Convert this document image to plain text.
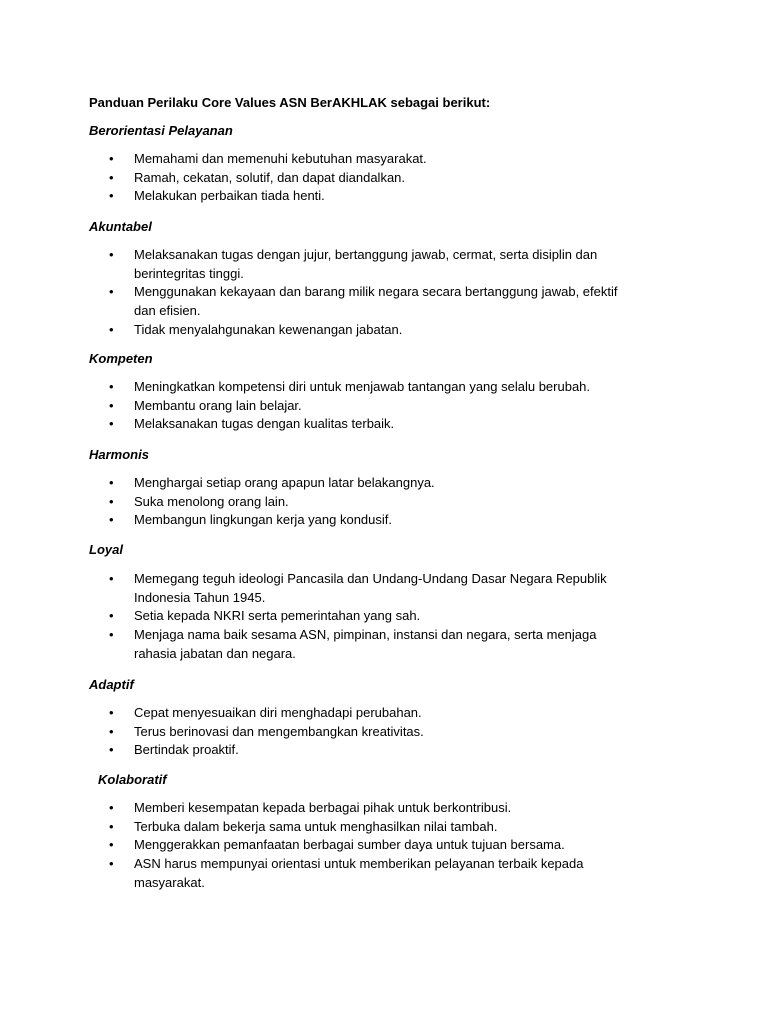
Panduan Perilaku Core Values ASN BerAKHLAK sebagai berikut:
Berorientasi Pelayanan
• Memahami dan memenuhi kebutuhan masyarakat.
• Ramah, cekatan, solutif, dan dapat diandalkan.
• Melakukan perbaikan tiada henti.
Akuntabel
• Melaksanakan tugas dengan jujur, bertanggung jawab, cermat, serta disiplin dan berintegritas tinggi.
• Menggunakan kekayaan dan barang milik negara secara bertanggung jawab, efektif dan efisien.
• Tidak menyalahgunakan kewenangan jabatan.
Kompeten
• Meningkatkan kompetensi diri untuk menjawab tantangan yang selalu berubah.
• Membantu orang lain belajar.
• Melaksanakan tugas dengan kualitas terbaik.
Harmonis
• Menghargai setiap orang apapun latar belakangnya.
• Suka menolong orang lain.
• Membangun lingkungan kerja yang kondusif.
Loyal
• Memegang teguh ideologi Pancasila dan Undang-Undang Dasar Negara Republik Indonesia Tahun 1945.
• Setia kepada NKRI serta pemerintahan yang sah.
• Menjaga nama baik sesama ASN, pimpinan, instansi dan negara, serta menjaga rahasia jabatan dan negara.
Adaptif
• Cepat menyesuaikan diri menghadapi perubahan.
• Terus berinovasi dan mengembangkan kreativitas.
• Bertindak proaktif.
Kolaboratif
• Memberi kesempatan kepada berbagai pihak untuk berkontribusi.
• Terbuka dalam bekerja sama untuk menghasilkan nilai tambah.
• Menggerakkan pemanfaatan berbagai sumber daya untuk tujuan bersama.
• ASN harus mempunyai orientasi untuk memberikan pelayanan terbaik kepada masyarakat.
